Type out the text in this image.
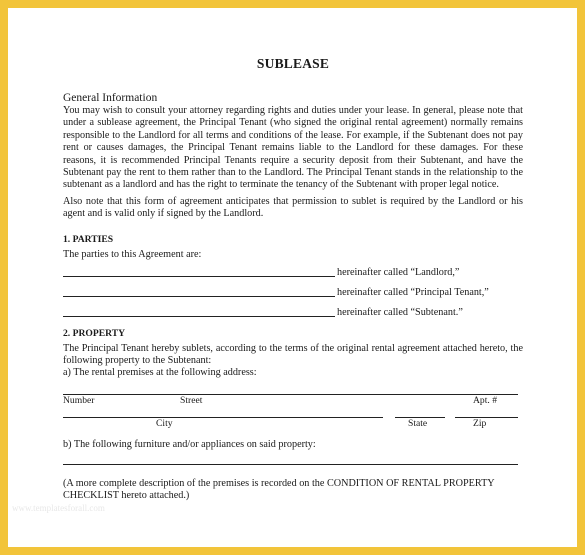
SUBLEASE
General Information
You may wish to consult your attorney regarding rights and duties under your lease. In general, please note that under a sublease agreement, the Principal Tenant (who signed the original rental agreement) normally remains responsible to the Landlord for all terms and conditions of the lease. For example, if the Subtenant does not pay rent or causes damages, the Principal Tenant remains liable to the Landlord for these damages. For these reasons, it is recommended Principal Tenants require a security deposit from their Subtenant, and have the Subtenant pay the rent to them rather than to the Landlord. The Principal Tenant stands in the relationship to the subtenant as a landlord and has the right to terminate the tenancy of the Subtenant with proper legal notice.
Also note that this form of agreement anticipates that permission to sublet is required by the Landlord or his agent and is valid only if signed by the Landlord.
1. PARTIES
The parties to this Agreement are:
hereinafter called “Landlord,”
hereinafter called “Principal Tenant,”
hereinafter called “Subtenant.”
2. PROPERTY
The Principal Tenant hereby sublets, according to the terms of the original rental agreement attached hereto, the following property to the Subtenant:
a) The rental premises at the following address:
Number	Street	Apt. #
City	State	Zip
b) The following furniture and/or appliances on said property:
(A more complete description of the premises is recorded on the CONDITION OF RENTAL PROPERTY CHECKLIST hereto attached.)
www.templatesforall.com
